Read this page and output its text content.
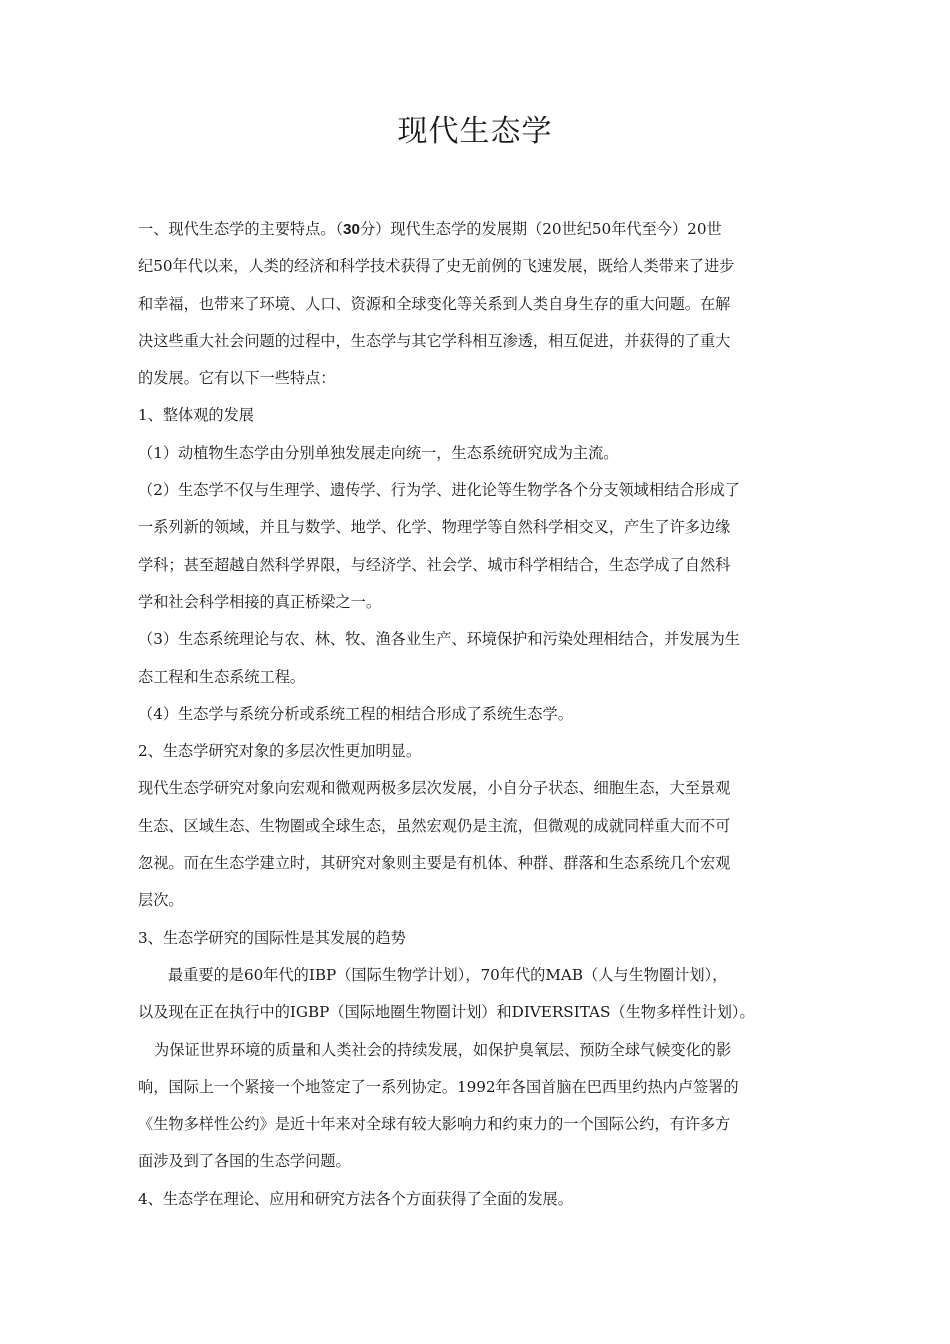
现代生态学
一、现代生态学的主要特点。（30分）现代生态学的发展期（20世纪50年代至今）20世
纪50年代以来，人类的经济和科学技术获得了史无前例的飞速发展，既给人类带来了进步
和幸福，也带来了环境、人口、资源和全球变化等关系到人类自身生存的重大问题。在解
决这些重大社会问题的过程中，生态学与其它学科相互渗透，相互促进，并获得的了重大
的发展。它有以下一些特点：
1、整体观的发展
（1）动植物生态学由分别单独发展走向统一，生态系统研究成为主流。
（2）生态学不仅与生理学、遗传学、行为学、进化论等生物学各个分支领域相结合形成了
一系列新的领域，并且与数学、地学、化学、物理学等自然科学相交叉，产生了许多边缘
学科；甚至超越自然科学界限，与经济学、社会学、城市科学相结合，生态学成了自然科
学和社会科学相接的真正桥梁之一。
（3）生态系统理论与农、林、牧、渔各业生产、环境保护和污染处理相结合，并发展为生
态工程和生态系统工程。
（4）生态学与系统分析或系统工程的相结合形成了系统生态学。
2、生态学研究对象的多层次性更加明显。
现代生态学研究对象向宏观和微观两极多层次发展，小自分子状态、细胞生态，大至景观
生态、区域生态、生物圈或全球生态，虽然宏观仍是主流，但微观的成就同样重大而不可
忽视。而在生态学建立时，其研究对象则主要是有机体、种群、群落和生态系统几个宏观
层次。
3、生态学研究的国际性是其发展的趋势
最重要的是60年代的IBP（国际生物学计划），70年代的MAB（人与生物圈计划），
以及现在正在执行中的IGBP（国际地圈生物圈计划）和DIVERSITAS（生物多样性计划）。
为保证世界环境的质量和人类社会的持续发展，如保护臭氧层、预防全球气候变化的影
响，国际上一个紧接一个地签定了一系列协定。1992年各国首脑在巴西里约热内卢签署的
《生物多样性公约》是近十年来对全球有较大影响力和约束力的一个国际公约，有许多方
面涉及到了各国的生态学问题。
4、生态学在理论、应用和研究方法各个方面获得了全面的发展。
